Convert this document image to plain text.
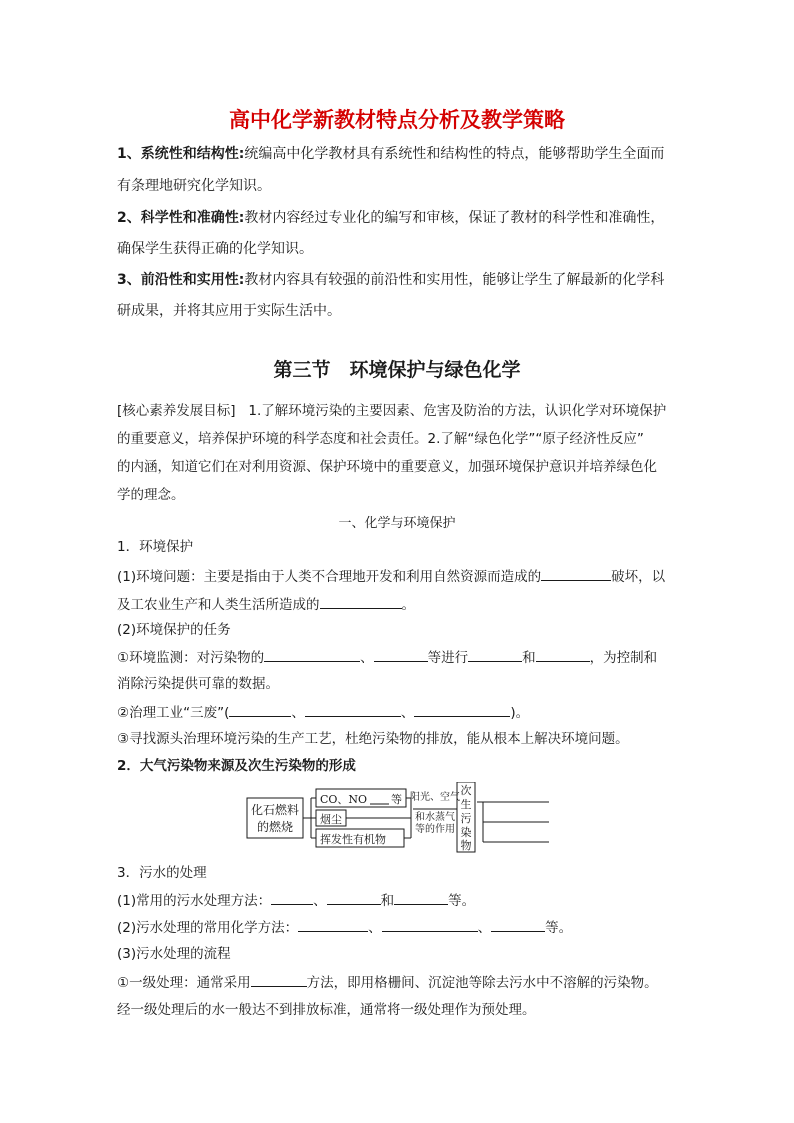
高中化学新教材特点分析及教学策略
1、系统性和结构性:统编高中化学教材具有系统性和结构性的特点，能够帮助学生全面而
有条理地研究化学知识。
2、科学性和准确性:教材内容经过专业化的编写和审核，保证了教材的科学性和准确性，
确保学生获得正确的化学知识。
3、前沿性和实用性:教材内容具有较强的前沿性和实用性，能够让学生了解最新的化学科
研成果，并将其应用于实际生活中。
第三节　环境保护与绿色化学
[核心素养发展目标] 1.了解环境污染的主要因素、危害及防治的方法，认识化学对环境保护
的重要意义，培养保护环境的科学态度和社会责任。2.了解“绿色化学”“原子经济性反应”
的内涵，知道它们在对利用资源、保护环境中的重要意义，加强环境保护意识并培养绿色化
学的理念。
一、化学与环境保护
1．环境保护
(1)环境问题：主要是指由于人类不合理地开发和利用自然资源而造成的	破坏，以
及工农业生产和人类生活所造成的	。
(2)环境保护的任务
①环境监测：对污染物的	、	等进行	和	，为控制和
消除污染提供可靠的数据。
②治理工业“三废”(	、	、	)。
③寻找源头治理环境污染的生产工艺，杜绝污染物的排放，能从根本上解决环境问题。
2．大气污染物来源及次生污染物的形成
化石燃料
的燃烧
CO、NO 等
烟尘
挥发性有机物
阳光、空气
和水蒸气
等的作用
次
生
污
染
物
3．污水的处理
(1)常用的污水处理方法：	、	和	等。
(2)污水处理的常用化学方法：	、	、	等。
(3)污水处理的流程
①一级处理：通常采用	方法，即用格栅间、沉淀池等除去污水中不溶解的污染物。
经一级处理后的水一般达不到排放标准，通常将一级处理作为预处理。
